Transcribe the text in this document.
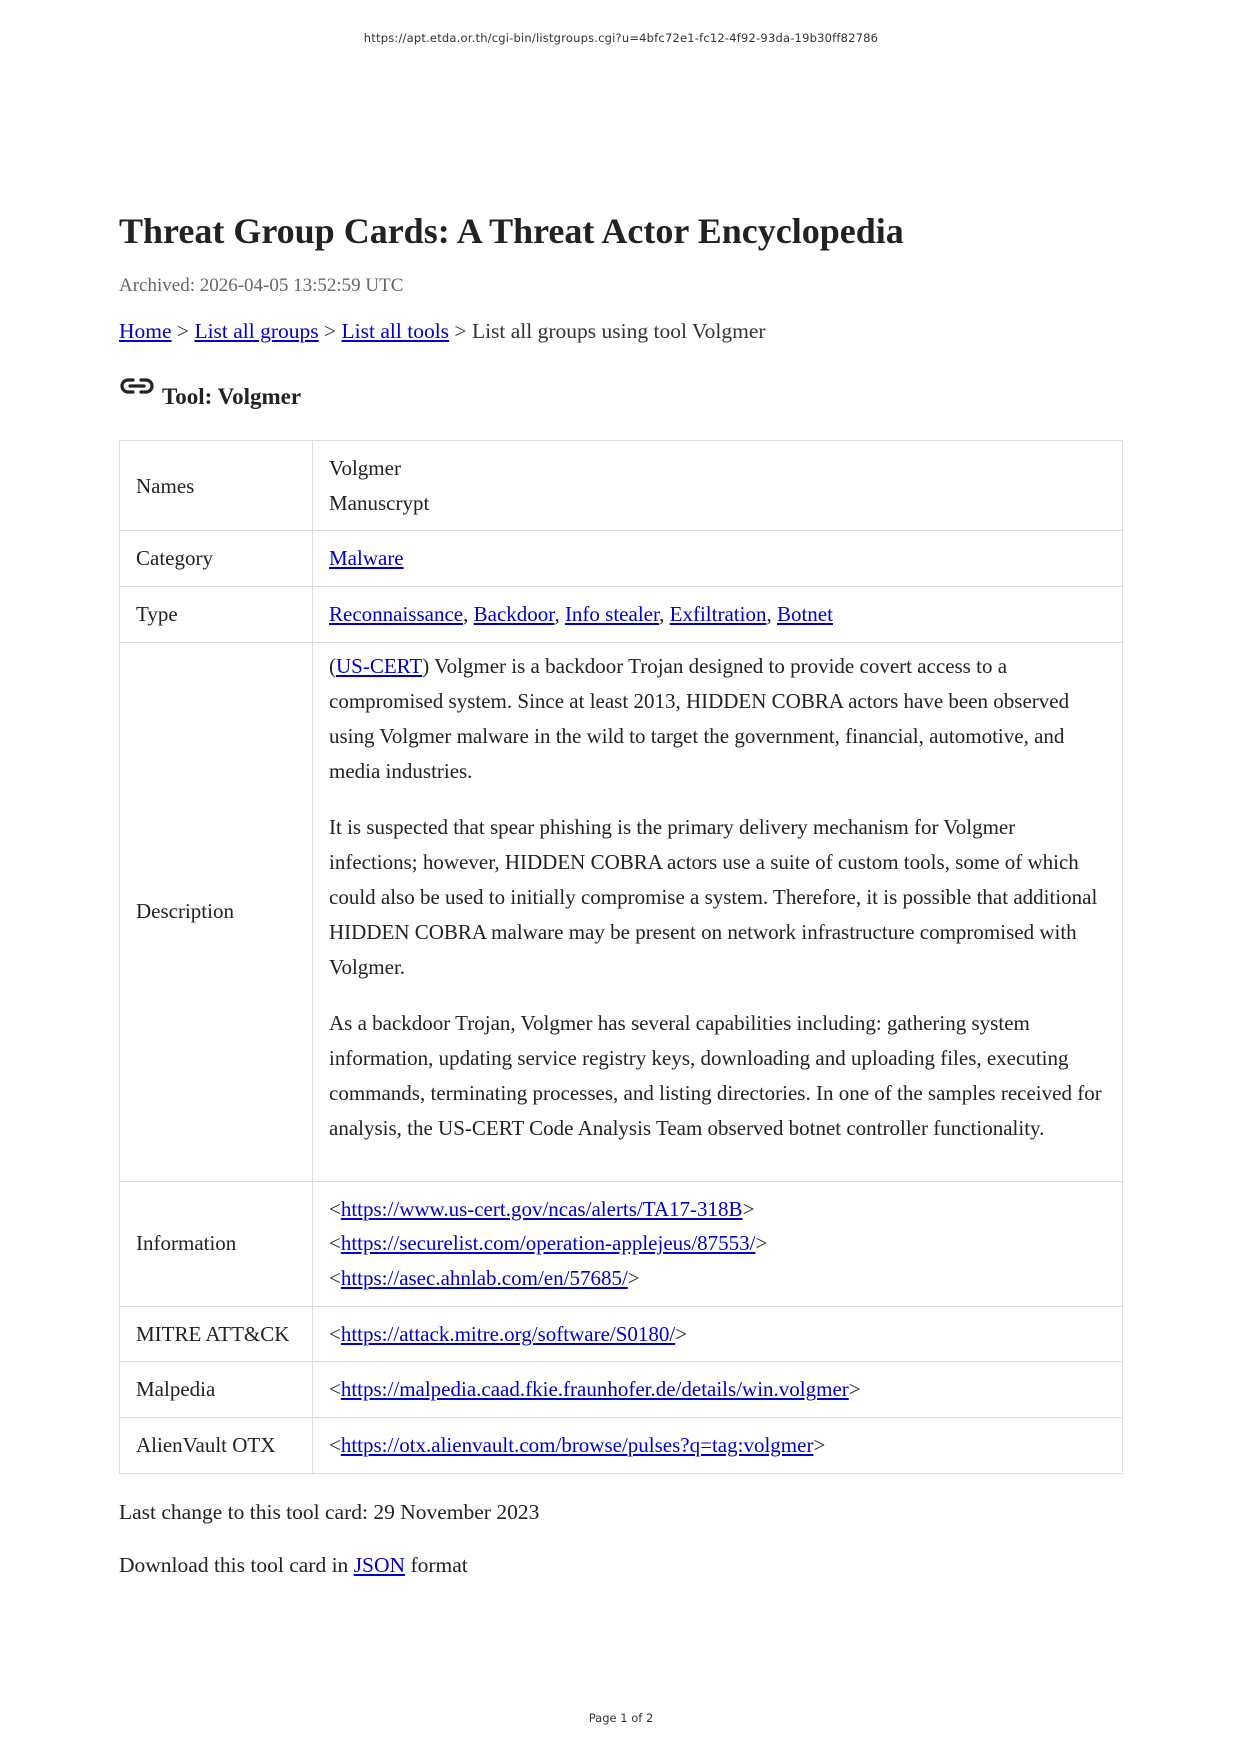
https://apt.etda.or.th/cgi-bin/listgroups.cgi?u=4bfc72e1-fc12-4f92-93da-19b30ff82786
Threat Group Cards: A Threat Actor Encyclopedia
Archived: 2026-04-05 13:52:59 UTC
Home > List all groups > List all tools > List all groups using tool Volgmer
Tool: Volgmer
Names	Volgmer
Manuscrypt

Category	Malware
Type	Reconnaissance, Backdoor, Info stealer, Exfiltration, Botnet
Description	(US-CERT) Volgmer is a backdoor Trojan designed to provide covert access to a compromised system. Since at least 2013, HIDDEN COBRA actors have been observed using Volgmer malware in the wild to target the government, financial, automotive, and media industries.

It is suspected that spear phishing is the primary delivery mechanism for Volgmer infections; however, HIDDEN COBRA actors use a suite of custom tools, some of which could also be used to initially compromise a system. Therefore, it is possible that additional HIDDEN COBRA malware may be present on network infrastructure compromised with Volgmer.

As a backdoor Trojan, Volgmer has several capabilities including: gathering system information, updating service registry keys, downloading and uploading files, executing commands, terminating processes, and listing directories. In one of the samples received for analysis, the US-CERT Code Analysis Team observed botnet controller functionality.

Information	<https://www.us-cert.gov/ncas/alerts/TA17-318B>
<https://securelist.com/operation-applejeus/87553/>
<https://asec.ahnlab.com/en/57685/>

MITRE ATT&CK	<https://attack.mitre.org/software/S0180/>
Malpedia	<https://malpedia.caad.fkie.fraunhofer.de/details/win.volgmer>
AlienVault OTX	<https://otx.alienvault.com/browse/pulses?q=tag:volgmer>
Last change to this tool card: 29 November 2023
Download this tool card in JSON format
Page 1 of 2
